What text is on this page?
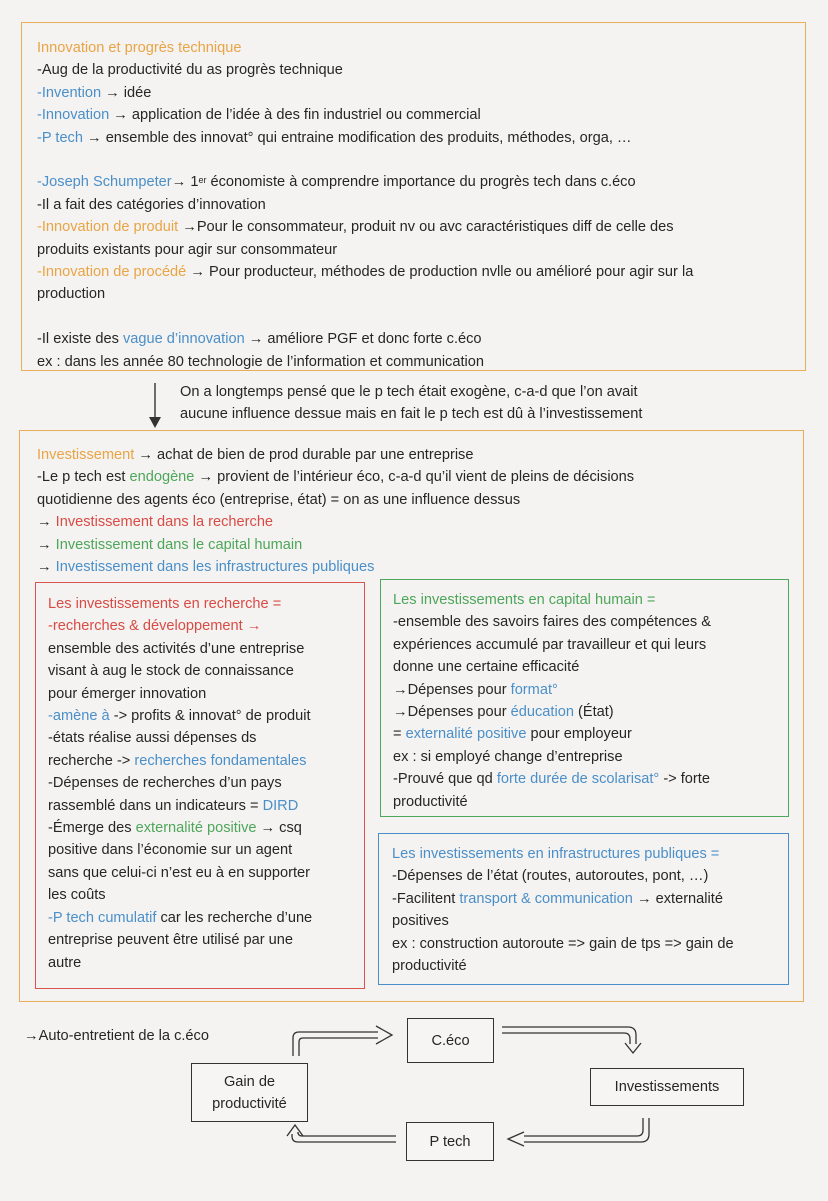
Innovation et progrès technique
-Aug de la productivité du as progrès technique
-Invention → idée
-Innovation → application de l’idée à des fin industriel ou commercial
-P tech → ensemble des innovat° qui entraine modification des produits, méthodes, orga, …
-Joseph Schumpeter→ 1er économiste à comprendre importance du progrès tech dans c.éco
-Il a fait des catégories d’innovation
-Innovation de produit →Pour le consommateur, produit nv ou avc caractéristiques diff de celle des
produits existants pour agir sur consommateur
-Innovation de procédé → Pour producteur, méthodes de production nvlle ou amélioré pour agir sur la
production
-Il existe des vague d’innovation → améliore PGF et donc forte c.éco
ex : dans les année 80 technologie de l’information et communication
On a longtemps pensé que le p tech était exogène, c-a-d que l’on avait
aucune influence dessue mais en fait le p tech est dû à l’investissement
Investissement → achat de bien de prod durable par une entreprise
-Le p tech est endogène → provient de l’intérieur éco, c-a-d qu’il vient de pleins de décisions
quotidienne des agents éco (entreprise, état) = on as une influence dessus
→ Investissement dans la recherche
→ Investissement dans le capital humain
→ Investissement dans les infrastructures publiques
Les investissements en recherche =
-recherches & développement →
ensemble des activités d’une entreprise
visant à aug le stock de connaissance
pour émerger innovation
-amène à -> profits & innovat° de produit
-états réalise aussi dépenses ds
recherche -> recherches fondamentales
-Dépenses de recherches d’un pays
rassemblé dans un indicateurs = DIRD
-Émerge des externalité positive → csq
positive dans l’économie sur un agent
sans que celui-ci n’est eu à en supporter
les coûts
-P tech cumulatif car les recherche d’une
entreprise peuvent être utilisé par une
autre
Les investissements en capital humain =
-ensemble des savoirs faires des compétences &
expériences accumulé par travailleur et qui leurs
donne une certaine efficacité
→Dépenses pour format°
→Dépenses pour éducation (État)
= externalité positive pour employeur
ex : si employé change d’entreprise
-Prouvé que qd forte durée de scolarisat° -> forte
productivité
Les investissements en infrastructures publiques =
-Dépenses de l’état (routes, autoroutes, pont, …)
-Facilitent transport & communication → externalité
positives
ex : construction autoroute => gain de tps => gain de
productivité
→Auto-entretient de la c.éco	C.éco
Investissements
P tech
Gain de
productivité
